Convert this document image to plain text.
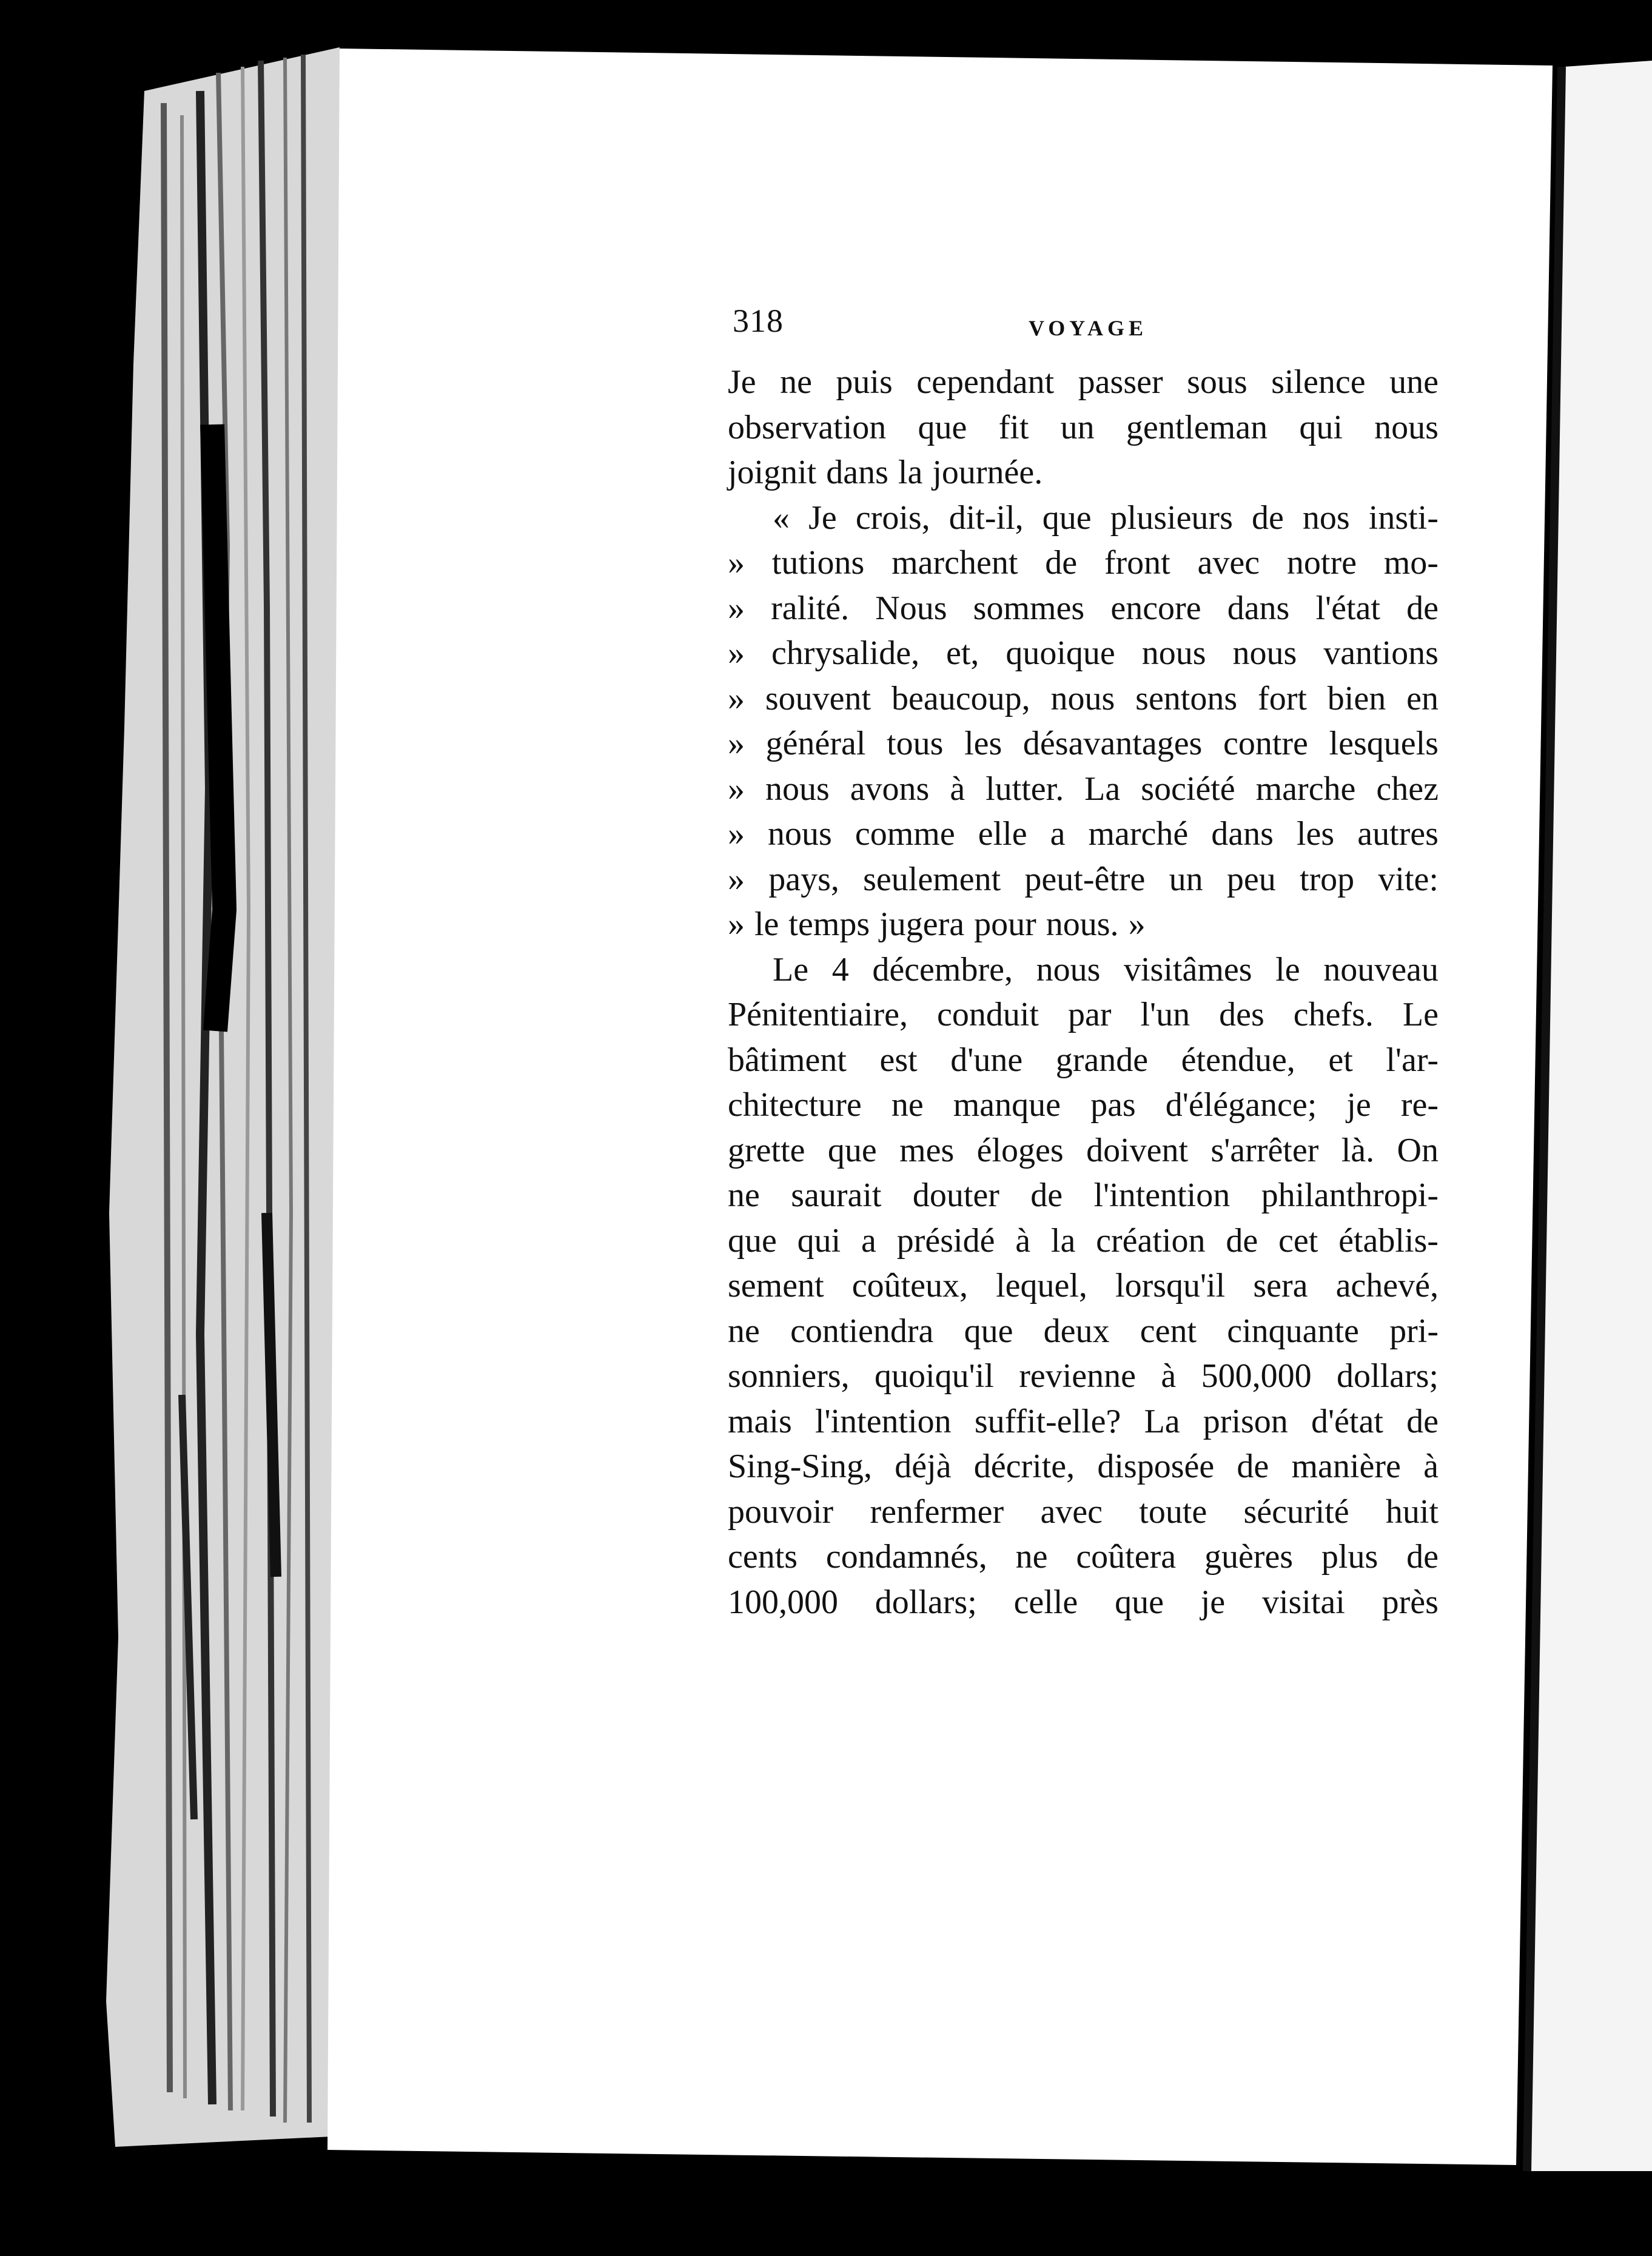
318	VOYAGE
Je ne puis cependant passer sous silence une
observation que fit un gentleman qui nous
joignit dans la journée.
« Je crois, dit-il, que plusieurs de nos insti-
» tutions marchent de front avec notre mo-
» ralité. Nous sommes encore dans l'état de
» chrysalide, et, quoique nous nous vantions
» souvent beaucoup, nous sentons fort bien en
» général tous les désavantages contre lesquels
» nous avons à lutter. La société marche chez
» nous comme elle a marché dans les autres
» pays, seulement peut-être un peu trop vite:
» le temps jugera pour nous. »
Le 4 décembre, nous visitâmes le nouveau
Pénitentiaire, conduit par l'un des chefs. Le
bâtiment est d'une grande étendue, et l'ar-
chitecture ne manque pas d'élégance; je re-
grette que mes éloges doivent s'arrêter là. On
ne saurait douter de l'intention philanthropi-
que qui a présidé à la création de cet établis-
sement coûteux, lequel, lorsqu'il sera achevé,
ne contiendra que deux cent cinquante pri-
sonniers, quoiqu'il revienne à 500,000 dollars;
mais l'intention suffit-elle? La prison d'état de
Sing-Sing, déjà décrite, disposée de manière à
pouvoir renfermer avec toute sécurité huit
cents condamnés, ne coûtera guères plus de
100,000 dollars; celle que je visitai près
